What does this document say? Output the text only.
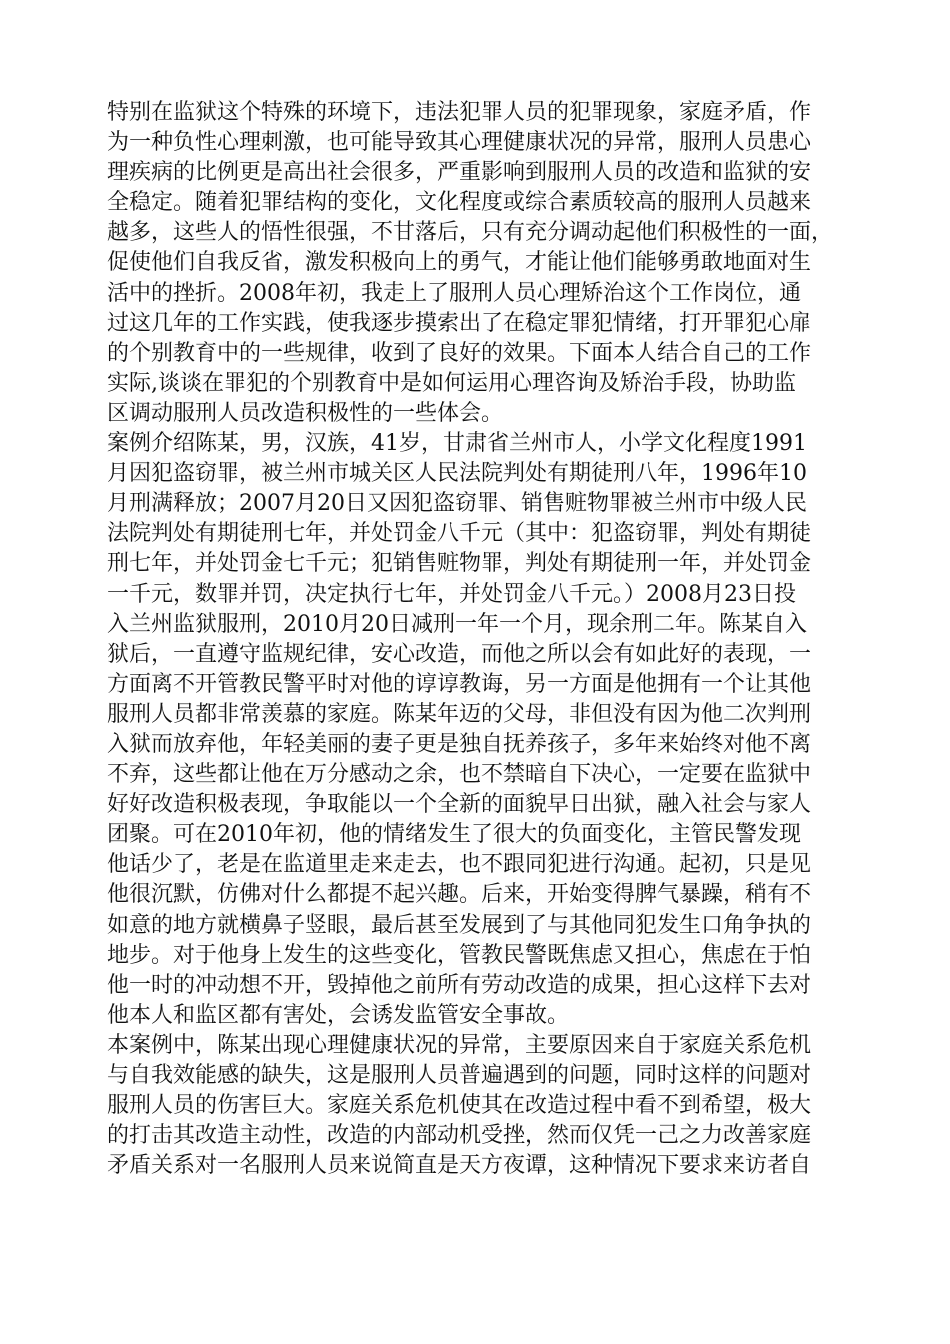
特别在监狱这个特殊的环境下，违法犯罪人员的犯罪现象，家庭矛盾，作
为一种负性心理刺激，也可能导致其心理健康状况的异常，服刑人员患心
理疾病的比例更是高出社会很多，严重影响到服刑人员的改造和监狱的安
全稳定。随着犯罪结构的变化，文化程度或综合素质较高的服刑人员越来
越多，这些人的悟性很强，不甘落后，只有充分调动起他们积极性的一面，
促使他们自我反省，激发积极向上的勇气，才能让他们能够勇敢地面对生
活中的挫折。2008年初，我走上了服刑人员心理矫治这个工作岗位，通
过这几年的工作实践，使我逐步摸索出了在稳定罪犯情绪，打开罪犯心扉
的个别教育中的一些规律，收到了良好的效果。下面本人结合自己的工作
实际,谈谈在罪犯的个别教育中是如何运用心理咨询及矫治手段，协助监
区调动服刑人员改造积极性的一些体会。
案例介绍陈某，男，汉族，41岁，甘肃省兰州市人，小学文化程度1991
月因犯盗窃罪，被兰州市城关区人民法院判处有期徒刑八年，1996年10
月刑满释放；2007月20日又因犯盗窃罪、销售赃物罪被兰州市中级人民
法院判处有期徒刑七年，并处罚金八千元（其中：犯盗窃罪，判处有期徒
刑七年，并处罚金七千元；犯销售赃物罪，判处有期徒刑一年，并处罚金
一千元，数罪并罚，决定执行七年，并处罚金八千元。）2008月23日投
入兰州监狱服刑，2010月20日减刑一年一个月，现余刑二年。陈某自入
狱后，一直遵守监规纪律，安心改造，而他之所以会有如此好的表现，一
方面离不开管教民警平时对他的谆谆教诲，另一方面是他拥有一个让其他
服刑人员都非常羡慕的家庭。陈某年迈的父母，非但没有因为他二次判刑
入狱而放弃他，年轻美丽的妻子更是独自抚养孩子，多年来始终对他不离
不弃，这些都让他在万分感动之余，也不禁暗自下决心，一定要在监狱中
好好改造积极表现，争取能以一个全新的面貌早日出狱，融入社会与家人
团聚。可在2010年初，他的情绪发生了很大的负面变化，主管民警发现
他话少了，老是在监道里走来走去，也不跟同犯进行沟通。起初，只是见
他很沉默，仿佛对什么都提不起兴趣。后来，开始变得脾气暴躁，稍有不
如意的地方就横鼻子竖眼，最后甚至发展到了与其他同犯发生口角争执的
地步。对于他身上发生的这些变化，管教民警既焦虑又担心，焦虑在于怕
他一时的冲动想不开，毁掉他之前所有劳动改造的成果，担心这样下去对
他本人和监区都有害处，会诱发监管安全事故。
本案例中，陈某出现心理健康状况的异常，主要原因来自于家庭关系危机
与自我效能感的缺失，这是服刑人员普遍遇到的问题，同时这样的问题对
服刑人员的伤害巨大。家庭关系危机使其在改造过程中看不到希望，极大
的打击其改造主动性，改造的内部动机受挫，然而仅凭一己之力改善家庭
矛盾关系对一名服刑人员来说简直是天方夜谭，这种情况下要求来访者自
